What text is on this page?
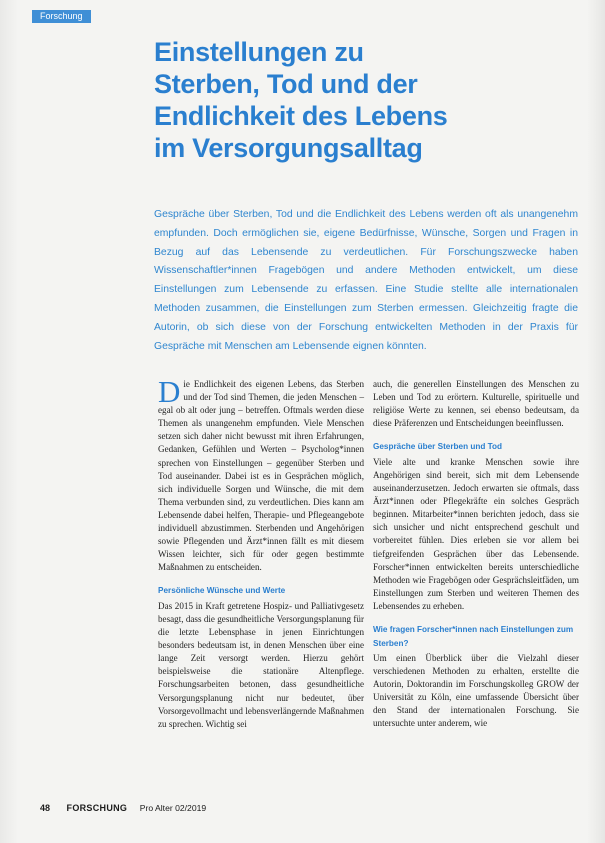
Forschung
Einstellungen zu
Sterben, Tod und der
Endlichkeit des Lebens
im Versorgungsalltag
Gespräche über Sterben, Tod und die Endlichkeit des Lebens werden oft als unangenehm empfunden. Doch ermöglichen sie, eigene Bedürfnisse, Wünsche, Sorgen und Fragen in Bezug auf das Lebensende zu verdeutlichen. Für Forschungszwecke haben Wissenschaftler*innen Fragebögen und andere Methoden entwickelt, um diese Einstellungen zum Lebensende zu erfassen. Eine Studie stellte alle internationalen Methoden zusammen, die Einstellungen zum Sterben ermessen. Gleichzeitig fragte die Autorin, ob sich diese von der Forschung entwickelten Methoden in der Praxis für Gespräche mit Menschen am Lebensende eignen könnten.

Die Endlichkeit des eigenen Lebens, das Sterben und der Tod sind Themen, die jeden Menschen – egal ob alt oder jung – betreffen. Oftmals werden diese Themen als unangenehm empfunden. Viele Menschen setzen sich daher nicht bewusst mit ihren Erfahrungen, Gedanken, Gefühlen und Werten – Psycholog*innen sprechen von Einstellungen – gegenüber Sterben und Tod auseinander. Dabei ist es in Gesprächen möglich, sich individuelle Sorgen und Wünsche, die mit dem Thema verbunden sind, zu verdeutlichen. Dies kann am Lebensende dabei helfen, Therapie- und Pflegeangebote individuell abzustimmen. Sterbenden und Angehörigen sowie Pflegenden und Ärzt*innen fällt es mit diesem Wissen leichter, sich für oder gegen bestimmte Maßnahmen zu entscheiden.

Persönliche Wünsche und Werte

Das 2015 in Kraft getretene Hospiz- und Palliativgesetz besagt, dass die gesundheitliche Versorgungsplanung für die letzte Lebensphase in jenen Einrichtungen besonders bedeutsam ist, in denen Menschen über eine lange Zeit versorgt werden. Hierzu gehört beispielsweise die stationäre Altenpflege. Forschungsarbeiten betonen, dass gesundheitliche Versorgungsplanung nicht nur bedeutet, über Vorsorgevollmacht und lebensverlängernde Maßnahmen zu sprechen. Wichtig sei

auch, die generellen Einstellungen des Menschen zu Leben und Tod zu erörtern. Kulturelle, spirituelle und religiöse Werte zu kennen, sei ebenso bedeutsam, da diese Präferenzen und Entscheidungen beeinflussen.

Gespräche über Sterben und Tod

Viele alte und kranke Menschen sowie ihre Angehörigen sind bereit, sich mit dem Lebensende auseinanderzusetzen. Jedoch erwarten sie oftmals, dass Ärzt*innen oder Pflegekräfte ein solches Gespräch beginnen. Mitarbeiter*innen berichten jedoch, dass sie sich unsicher und nicht entsprechend geschult und vorbereitet fühlen. Dies erleben sie vor allem bei tiefgreifenden Gesprächen über das Lebensende. Forscher*innen entwickelten bereits unterschiedliche Methoden wie Fragebögen oder Gesprächsleitfäden, um Einstellungen zum Sterben und weiteren Themen des Lebensendes zu erheben.

Wie fragen Forscher*innen nach Einstellungen zum Sterben?

Um einen Überblick über die Vielzahl dieser verschiedenen Methoden zu erhalten, erstellte die Autorin, Doktorandin im Forschungskolleg GROW der Universität zu Köln, eine umfassende Übersicht über den Stand der internationalen Forschung. Sie untersuchte unter anderem, wie

48 FORSCHUNG Pro Alter 02/2019
